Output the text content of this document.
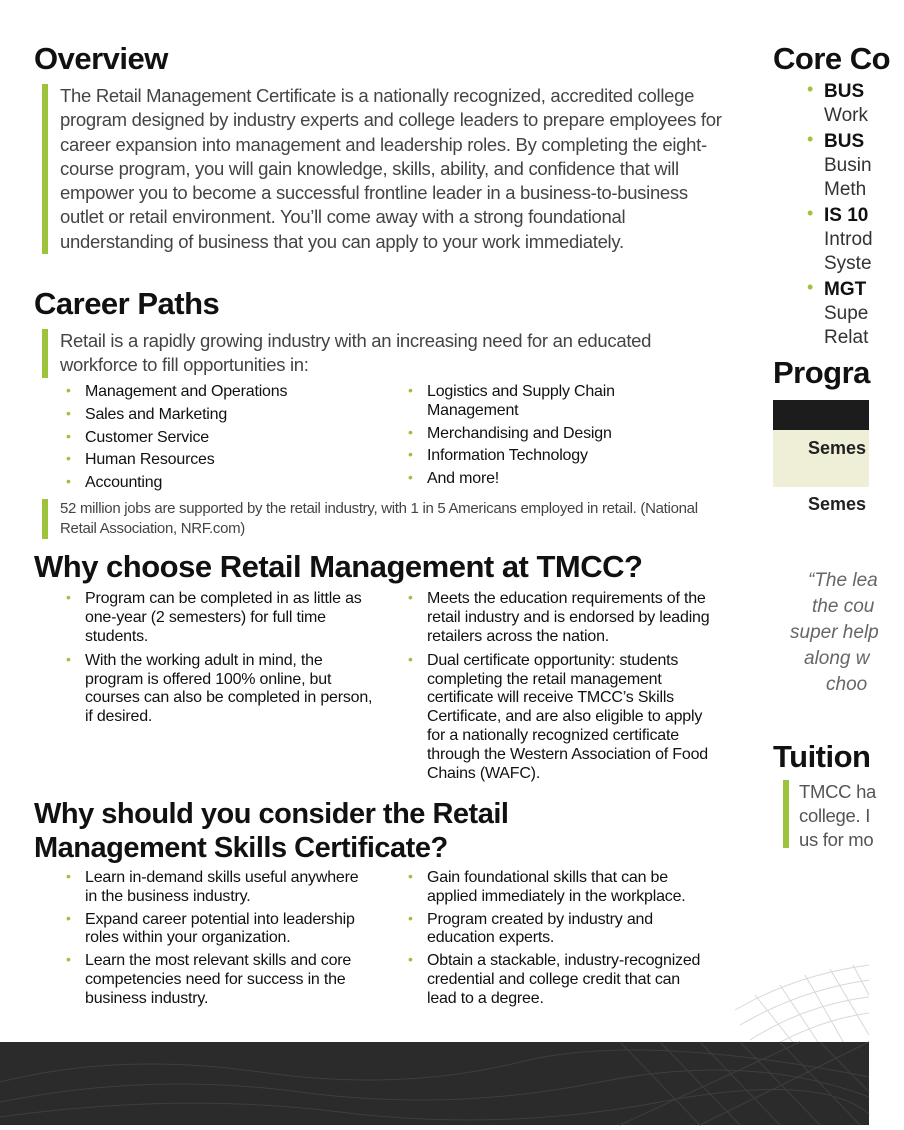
Overview

The Retail Management Certificate is a nationally recognized, accredited college program designed by industry experts and college leaders to prepare employees for career expansion into management and leadership roles. By completing the eight-course program, you will gain knowledge, skills, ability, and confidence that will empower you to become a successful frontline leader in a business-to-business outlet or retail environment. You’ll come away with a strong foundational understanding of business that you can apply to your work immediately.

Career Paths

Retail is a rapidly growing industry with an increasing need for an educated workforce to fill opportunities in:

• Management and Operations
• Sales and Marketing
• Customer Service
• Human Resources
• Accounting
• Logistics and Supply Chain Management
• Merchandising and Design
• Information Technology
• And more!

52 million jobs are supported by the retail industry, with 1 in 5 Americans employed in retail. (National Retail Association, NRF.com)

Why choose Retail Management at TMCC?
• Program can be completed in as little as one-year (2 semesters) for full time students.
• With the working adult in mind, the program is offered 100% online, but courses can also be completed in person, if desired.
• Meets the education requirements of the retail industry and is endorsed by leading retailers across the nation.
• Dual certificate opportunity: students completing the retail management certificate will receive TMCC’s Skills Certificate, and are also eligible to apply for a nationally recognized certificate through the Western Association of Food Chains (WAFC).
Why should you consider the Retail
Management Skills Certificate?
• Learn in-demand skills useful anywhere in the business industry.
• Expand career potential into leadership roles within your organization.
• Learn the most relevant skills and core competencies need for success in the business industry.
• Gain foundational skills that can be applied immediately in the workplace.
• Program created by industry and education experts.
• Obtain a stackable, industry-recognized credential and college credit that can lead to a degree.
Core Co
• BUS
Work
• BUS
Busin
Meth
• IS 10
Introd
Syste
• MGT
Supe
Relat
Progra
Semes
Semes
“The lea
the cou
super help
along w
choo
Tuition
TMCC ha
college. I
us for mo
